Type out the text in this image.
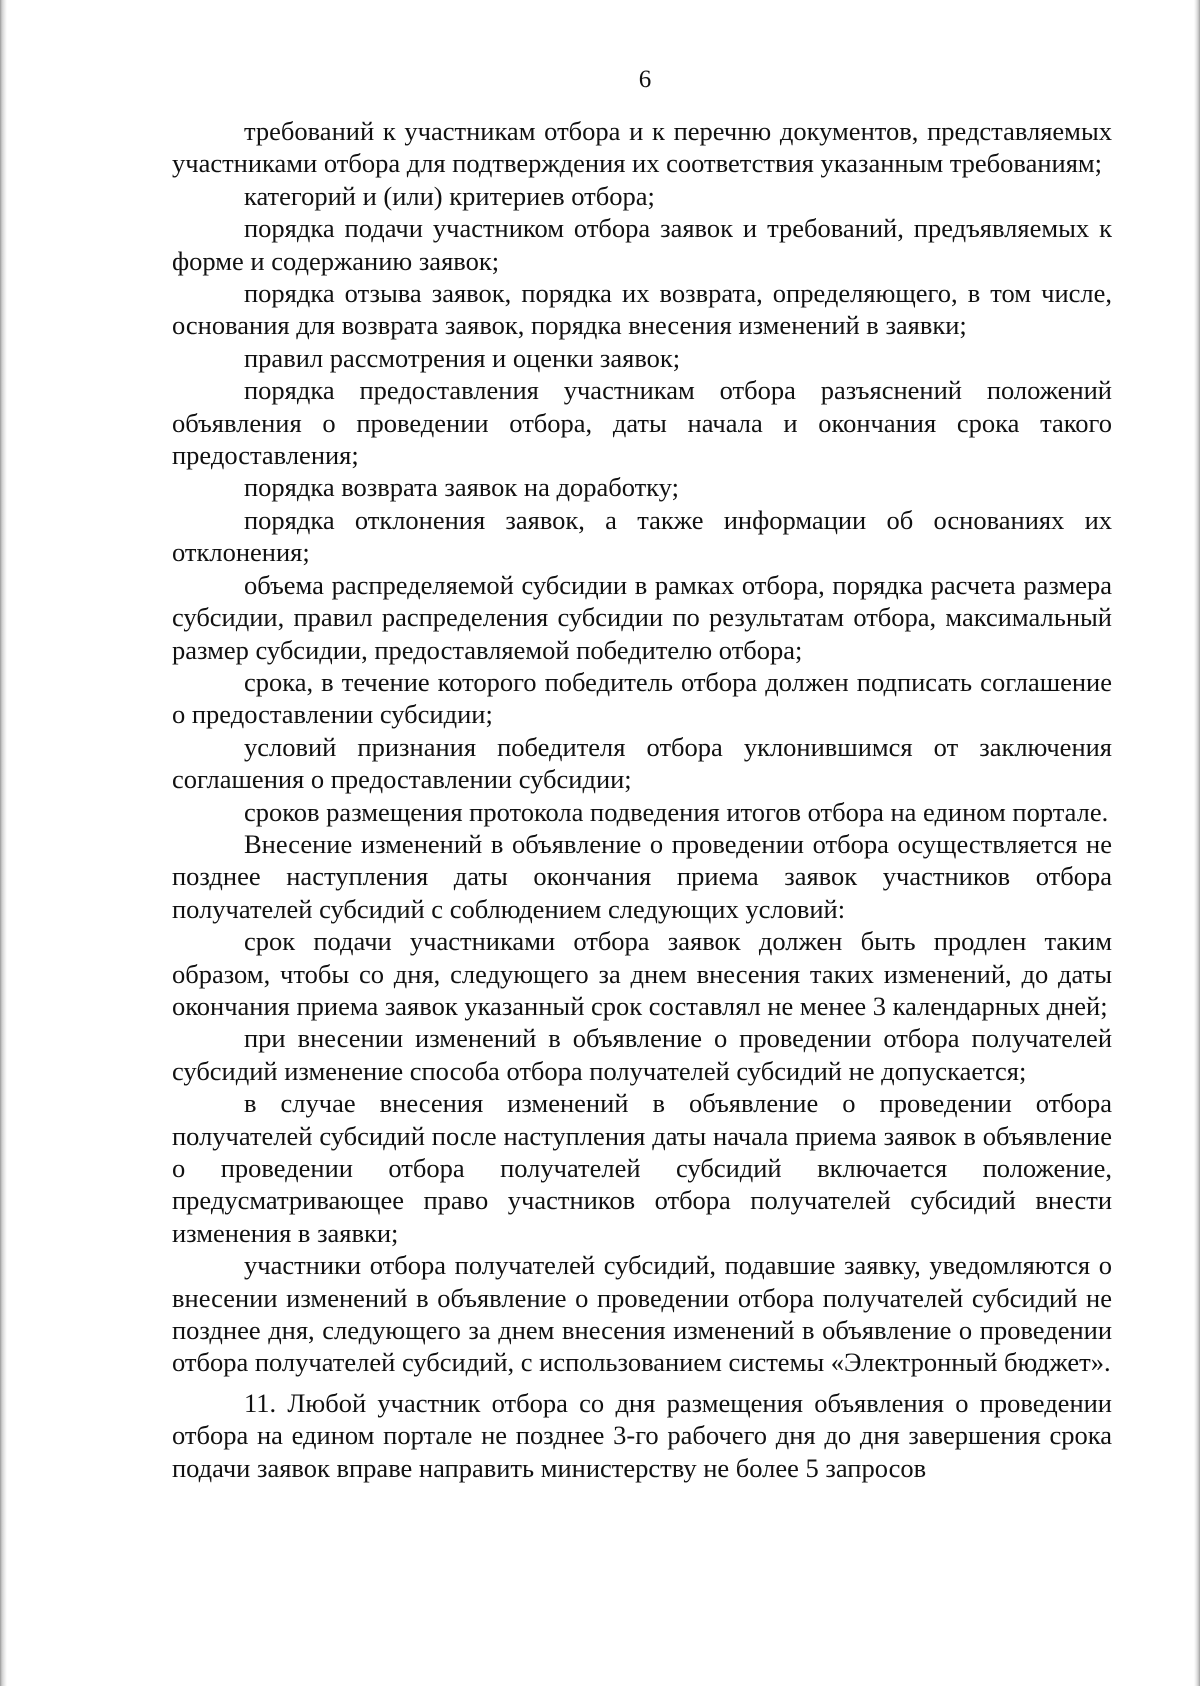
6

требований к участникам отбора и к перечню документов, представляемых участниками отбора для подтверждения их соответствия указанным требованиям;

категорий и (или) критериев отбора;

порядка подачи участником отбора заявок и требований, предъявляемых к форме и содержанию заявок;

порядка отзыва заявок, порядка их возврата, определяющего, в том числе, основания для возврата заявок, порядка внесения изменений в заявки;

правил рассмотрения и оценки заявок;

порядка предоставления участникам отбора разъяснений положений объявления о проведении отбора, даты начала и окончания срока такого предоставления;

порядка возврата заявок на доработку;

порядка отклонения заявок, а также информации об основаниях их отклонения;

объема распределяемой субсидии в рамках отбора, порядка расчета размера субсидии, правил распределения субсидии по результатам отбора, максимальный размер субсидии, предоставляемой победителю отбора;

срока, в течение которого победитель отбора должен подписать соглашение о предоставлении субсидии;

условий признания победителя отбора уклонившимся от заключения соглашения о предоставлении субсидии;

сроков размещения протокола подведения итогов отбора на едином портале.

Внесение изменений в объявление о проведении отбора осуществляется не позднее наступления даты окончания приема заявок участников отбора получателей субсидий с соблюдением следующих условий:

срок подачи участниками отбора заявок должен быть продлен таким образом, чтобы со дня, следующего за днем внесения таких изменений, до даты окончания приема заявок указанный срок составлял не менее 3 календарных дней;

при внесении изменений в объявление о проведении отбора получателей субсидий изменение способа отбора получателей субсидий не допускается;

в случае внесения изменений в объявление о проведении отбора получателей субсидий после наступления даты начала приема заявок в объявление о проведении отбора получателей субсидий включается положение, предусматривающее право участников отбора получателей субсидий внести изменения в заявки;

участники отбора получателей субсидий, подавшие заявку, уведомляются о внесении изменений в объявление о проведении отбора получателей субсидий не позднее дня, следующего за днем внесения изменений в объявление о проведении отбора получателей субсидий, с использованием системы «Электронный бюджет».

11. Любой участник отбора со дня размещения объявления о проведении отбора на едином портале не позднее 3-го рабочего дня до дня завершения срока подачи заявок вправе направить министерству не более 5 запросов
